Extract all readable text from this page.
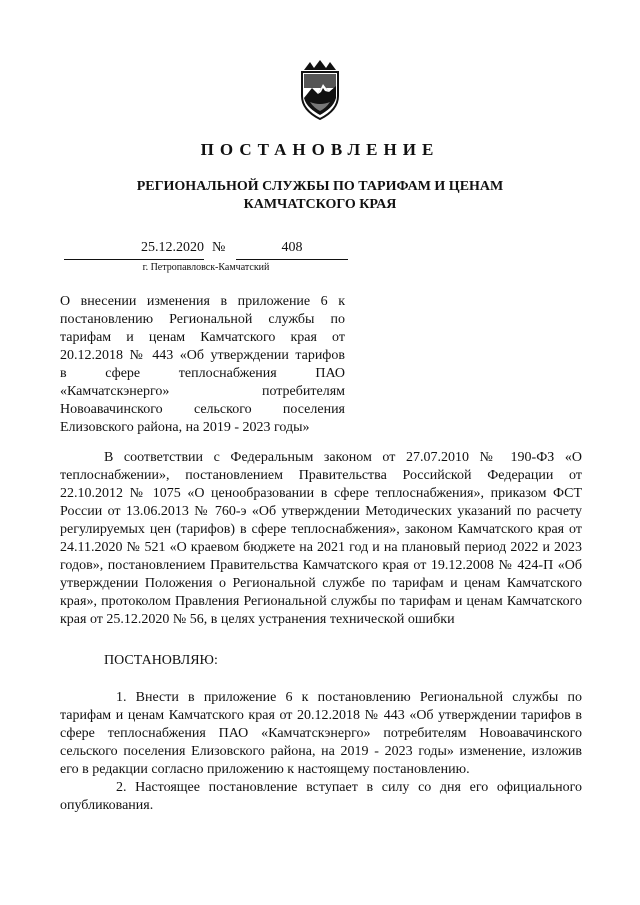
ПОСТАНОВЛЕНИЕ
РЕГИОНАЛЬНОЙ СЛУЖБЫ ПО ТАРИФАМ И ЦЕНАМ
КАМЧАТСКОГО КРАЯ
25.12.2020 №	408
г. Петропавловск-Камчатский
О внесении изменения в приложение 6 к
постановлению Региональной службы по
тарифам и ценам Камчатского края от
20.12.2018 № 443 «Об утверждении тарифов
в сфере теплоснабжения ПАО
«Камчатскэнерго» потребителям
Новоавачинского сельского поселения
Елизовского района, на 2019 - 2023 годы»

В соответствии с Федеральным законом от 27.07.2010 № 190-ФЗ «О теплоснабжении», постановлением Правительства Российской Федерации от 22.10.2012 № 1075 «О ценообразовании в сфере теплоснабжения», приказом ФСТ России от 13.06.2013 № 760-э «Об утверждении Методических указаний по расчету регулируемых цен (тарифов) в сфере теплоснабжения», законом Камчатского края от 24.11.2020 № 521 «О краевом бюджете на 2021 год и на плановый период 2022 и 2023 годов», постановлением Правительства Камчатского края от 19.12.2008 № 424-П «Об утверждении Положения о Региональной службе по тарифам и ценам Камчатского края», протоколом Правления Региональной службы по тарифам и ценам Камчатского края от 25.12.2020 № 56, в целях устранения технической ошибки

ПОСТАНОВЛЯЮ:

1. Внести в приложение 6 к постановлению Региональной службы по тарифам и ценам Камчатского края от 20.12.2018 № 443 «Об утверждении тарифов в сфере теплоснабжения ПАО «Камчатскэнерго» потребителям Новоавачинского сельского поселения Елизовского района, на 2019 - 2023 годы» изменение, изложив его в редакции согласно приложению к настоящему постановлению.

2. Настоящее постановление вступает в силу со дня его официального опубликования.
